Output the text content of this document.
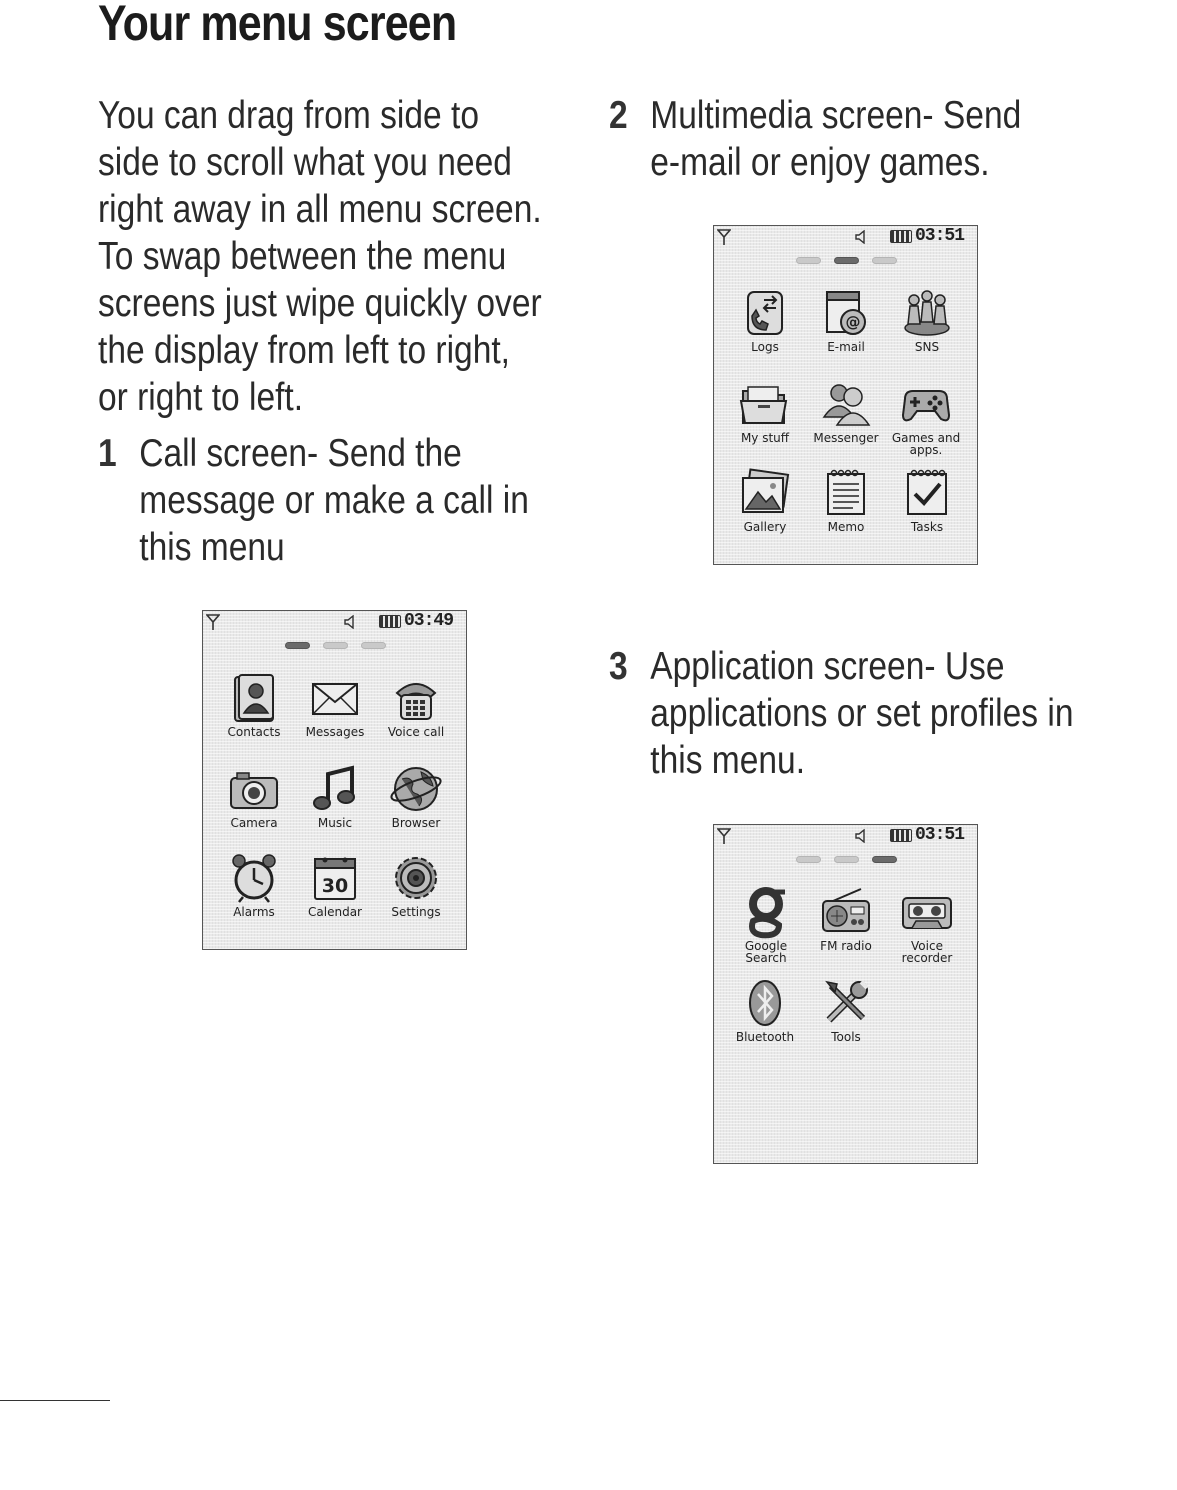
Your menu screen

You can drag from side to side to scroll what you need right away in all menu screen. To swap between the menu screens just wipe quickly over the display from left to right, or right to left.

1 Call screen- Send the message or make a call in this menu
2 Multimedia screen- Send e-mail or enjoy games.
3 Application screen- Use applications or set profiles in this menu.
03:49
Contacts	Messages	Voice call
Camera	Music	Browser
Alarms
30
Calendar	Settings
03:51
Logs	E-mail	SNS
My stuff	Messenger	Games and apps.
Gallery	Memo	Tasks
03:51
Google Search
FM radio	Voice recorder
Bluetooth	Tools
